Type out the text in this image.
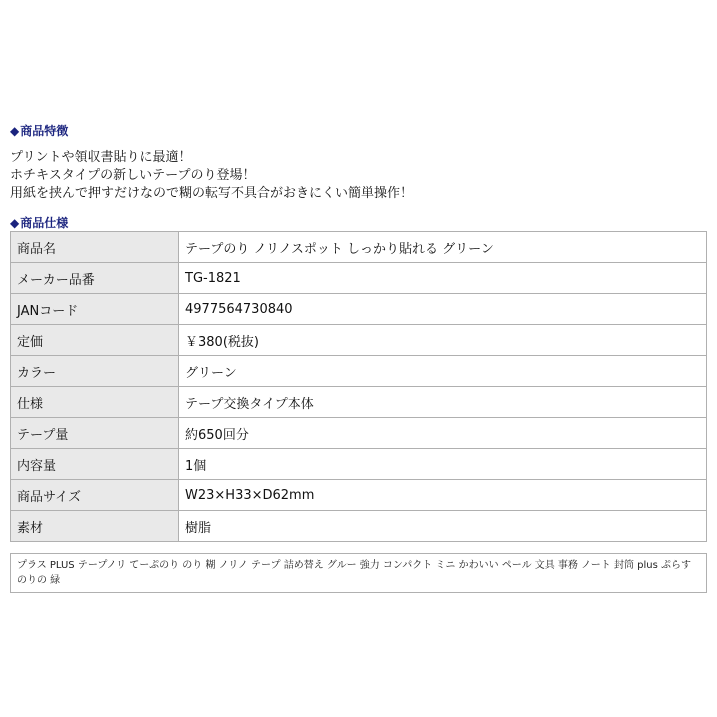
◆商品特徴
プリントや領収書貼りに最適！
ホチキスタイプの新しいテープのり登場！
用紙を挟んで押すだけなので糊の転写不具合がおきにくい簡単操作！
◆商品仕様
商品名	テープのり ノリノスポット しっかり貼れる グリーン
メーカー品番	TG-1821
JANコード	4977564730840
定価	￥380(税抜)
カラー	グリーン
仕様	テープ交換タイプ本体
テープ量	約650回分
内容量	1個
商品サイズ	W23×H33×D62mm
素材	樹脂
プラス PLUS テープノリ てーぷのり のり 糊 ノリノ テープ 詰め替え グルー 強力 コンパクト ミニ かわいい ペール 文具 事務 ノート 封筒 plus ぷらす のりの 緑
